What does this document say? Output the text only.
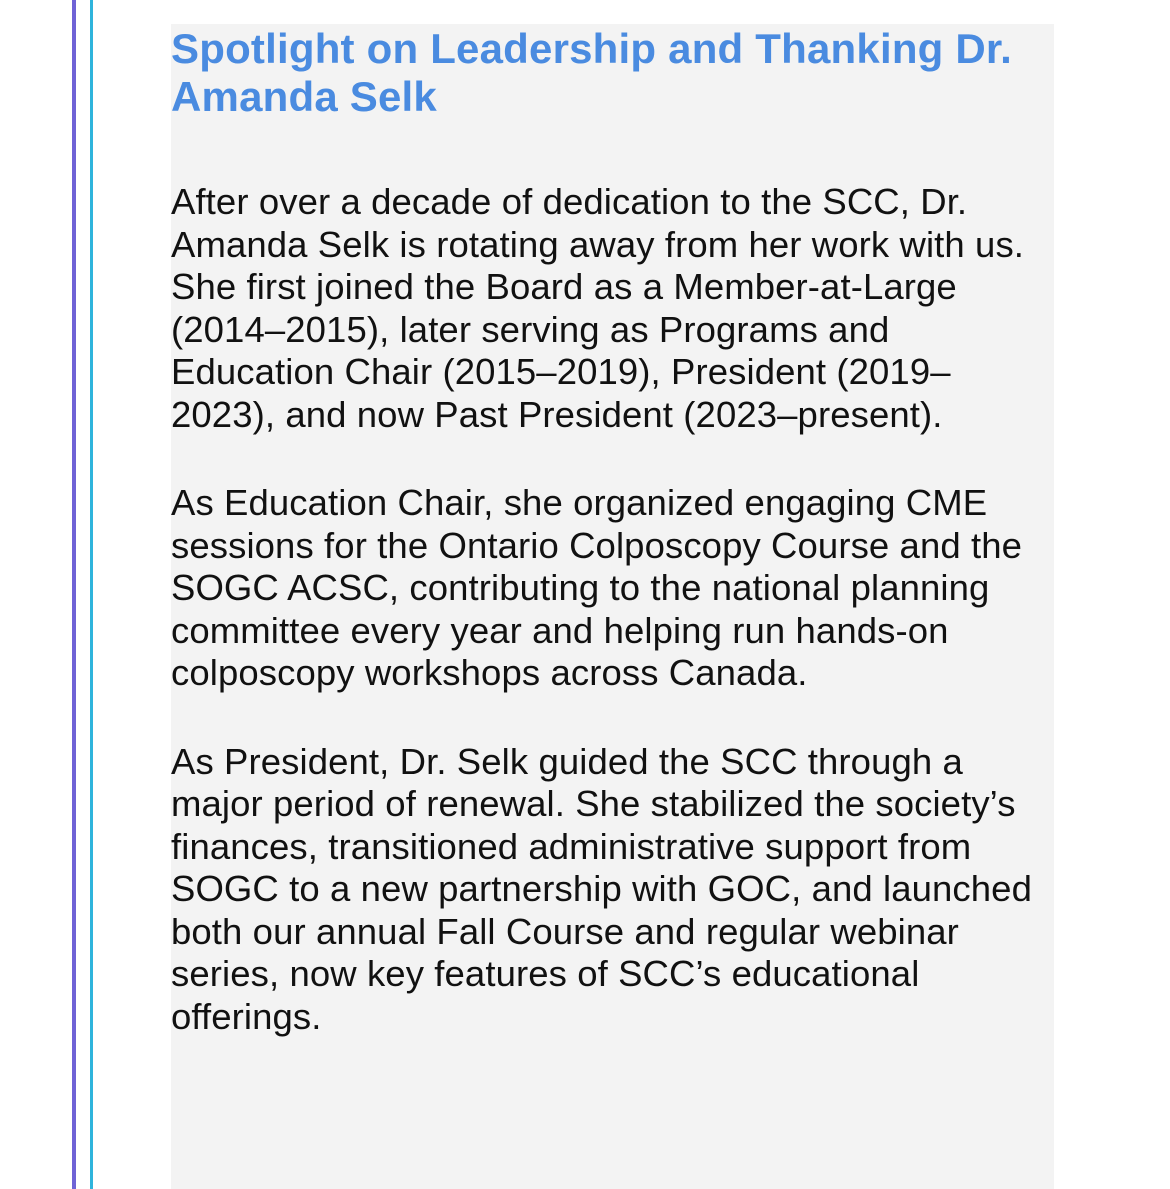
Spotlight on Leadership and Thanking Dr. Amanda Selk

After over a decade of dedication to the SCC, Dr. Amanda Selk is rotating away from her work with us. She first joined the Board as a Member-at-Large (2014–2015), later serving as Programs and Education Chair (2015–2019), President (2019–2023), and now Past President (2023–present).

As Education Chair, she organized engaging CME sessions for the Ontario Colposcopy Course and the SOGC ACSC, contributing to the national planning committee every year and helping run hands-on colposcopy workshops across Canada.

As President, Dr. Selk guided the SCC through a major period of renewal. She stabilized the society’s finances, transitioned administrative support from SOGC to a new partnership with GOC, and launched both our annual Fall Course and regular webinar series, now key features of SCC’s educational offerings.
